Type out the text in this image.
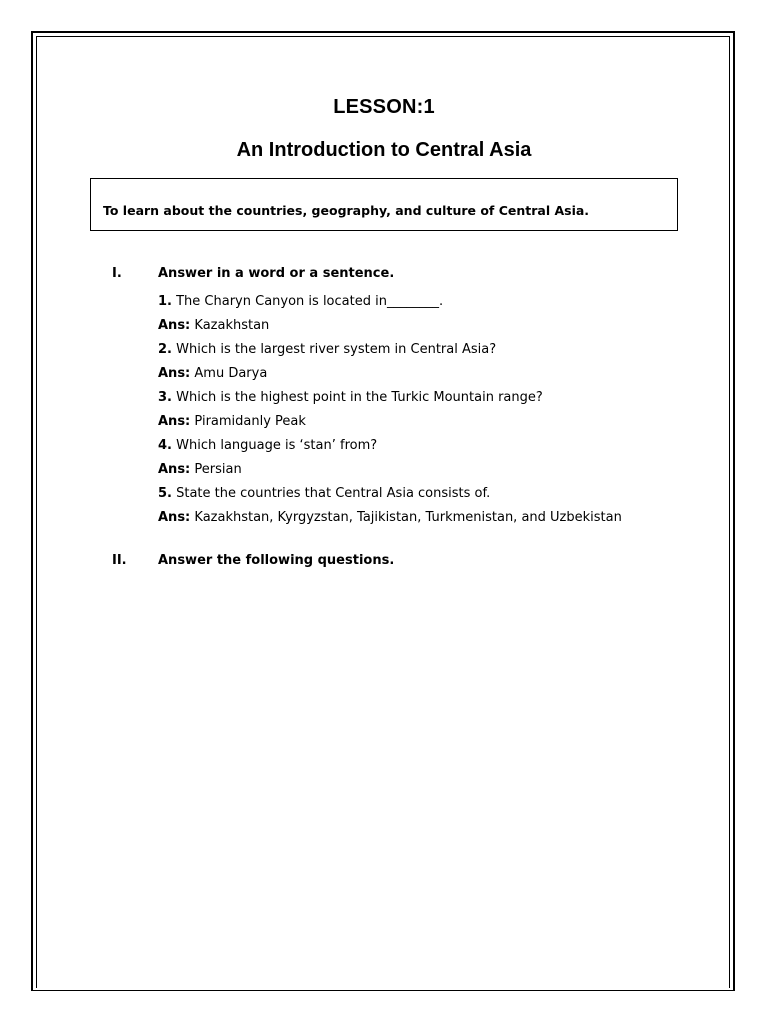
LESSON:1
An Introduction to Central Asia
To learn about the countries, geography, and culture of Central Asia.
I.	Answer in a word or a sentence.
1. The Charyn Canyon is located in________.
Ans: Kazakhstan
2. Which is the largest river system in Central Asia?
Ans: Amu Darya
3. Which is the highest point in the Turkic Mountain range?
Ans: Piramidanly Peak
4. Which language is ‘stan’ from?
Ans: Persian
5. State the countries that Central Asia consists of.
Ans: Kazakhstan, Kyrgyzstan, Tajikistan, Turkmenistan, and Uzbekistan
II. Answer the following questions.
